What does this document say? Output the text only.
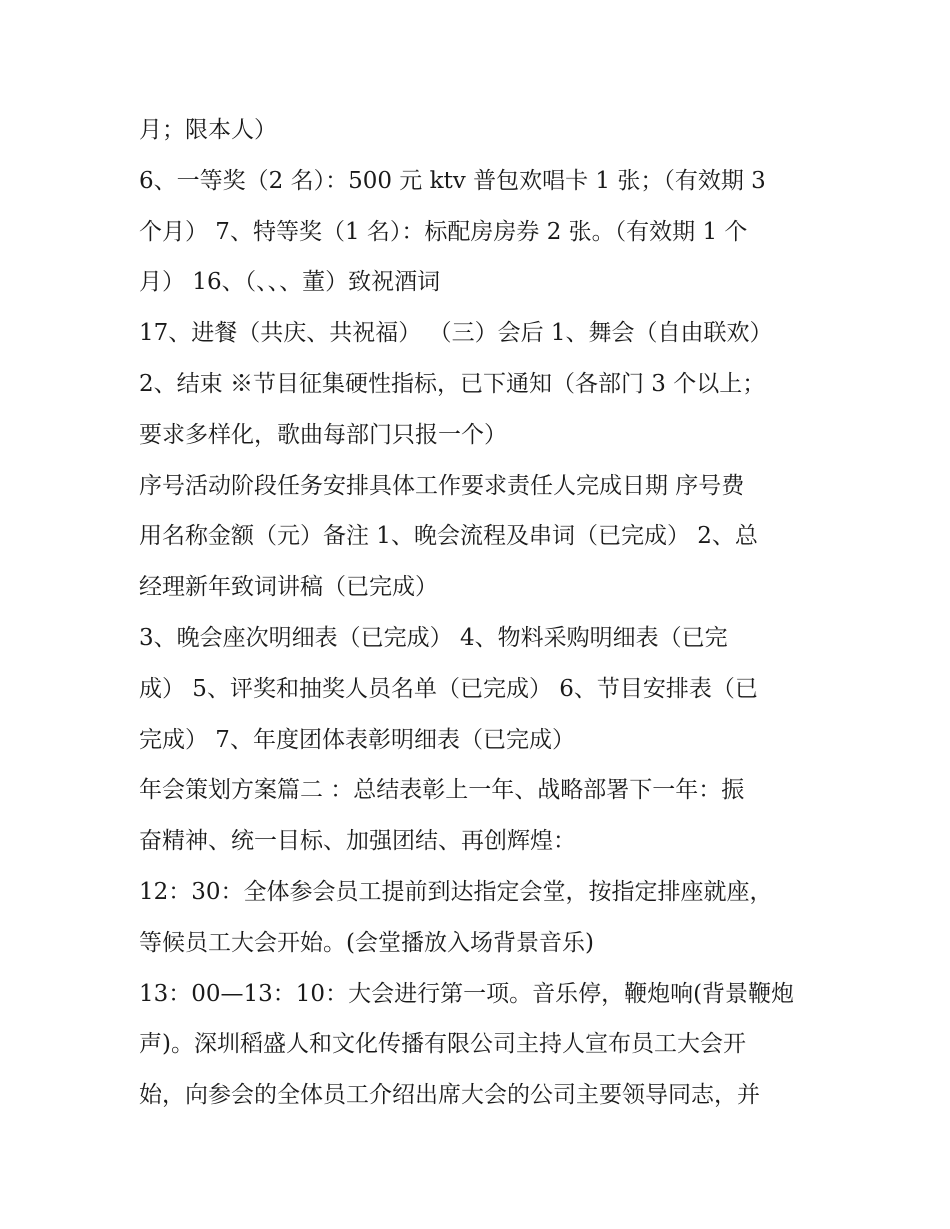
月；限本人）
6、一等奖（2 名）：500 元 ktv 普包欢唱卡 1 张；（有效期 3
个月） 7、特等奖（1 名）：标配房房券 2 张。（有效期 1 个
月） 16、（、、、董）致祝酒词
17、进餐（共庆、共祝福） （三）会后 1、舞会（自由联欢）
2、结束 ※节目征集硬性指标，已下通知（各部门 3 个以上；
要求多样化，歌曲每部门只报一个）
序号活动阶段任务安排具体工作要求责任人完成日期 序号费
用名称金额（元）备注 1、晚会流程及串词（已完成） 2、总
经理新年致词讲稿（已完成）
3、晚会座次明细表（已完成） 4、物料采购明细表（已完
成） 5、评奖和抽奖人员名单（已完成） 6、节目安排表（已
完成） 7、年度团体表彰明细表（已完成）
年会策划方案篇二 ：总结表彰上一年、战略部署下一年：振
奋精神、统一目标、加强团结、再创辉煌：
12：30：全体参会员工提前到达指定会堂，按指定排座就座，
等候员工大会开始。(会堂播放入场背景音乐)
13：00—13：10：大会进行第一项。音乐停，鞭炮响(背景鞭炮
声)。深圳稻盛人和文化传播有限公司主持人宣布员工大会开
始，向参会的全体员工介绍出席大会的公司主要领导同志，并
